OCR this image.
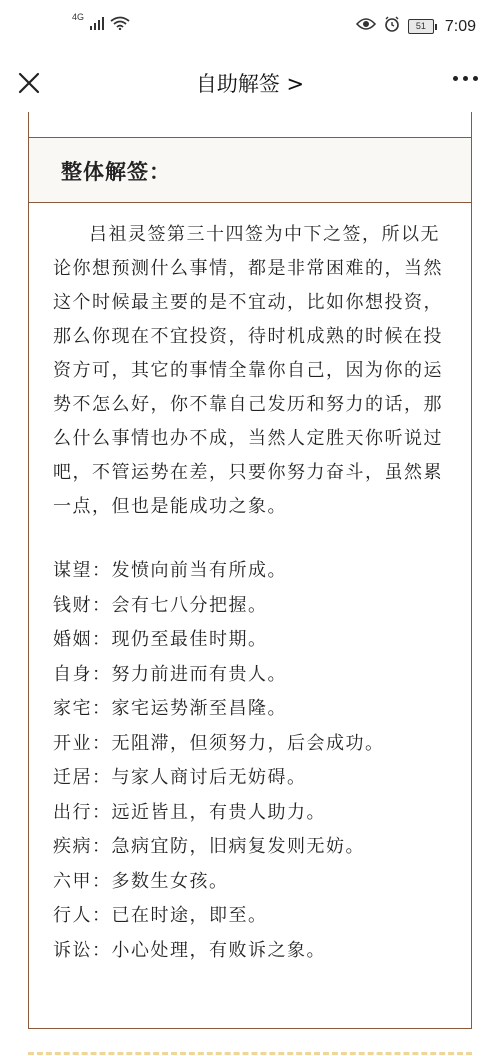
4G
51	7:09
自助解签 >
整体解签：

吕祖灵签第三十四签为中下之签，所以无论你想预测什么事情，都是非常困难的，当然这个时候最主要的是不宜动，比如你想投资，那么你现在不宜投资，待时机成熟的时候在投资方可，其它的事情全靠你自己，因为你的运势不怎么好，你不靠自己发历和努力的话，那么什么事情也办不成，当然人定胜天你听说过吧，不管运势在差，只要你努力奋斗，虽然累一点，但也是能成功之象。

谋望：发愤向前当有所成。
钱财：会有七八分把握。
婚姻：现仍至最佳时期。
自身：努力前进而有贵人。
家宅：家宅运势渐至昌隆。
开业：无阻滞，但须努力，后会成功。
迁居：与家人商讨后无妨碍。
出行：远近皆且，有贵人助力。
疾病：急病宜防，旧病复发则无妨。
六甲：多数生女孩。
行人：已在时途，即至。
诉讼：小心处理，有败诉之象。
